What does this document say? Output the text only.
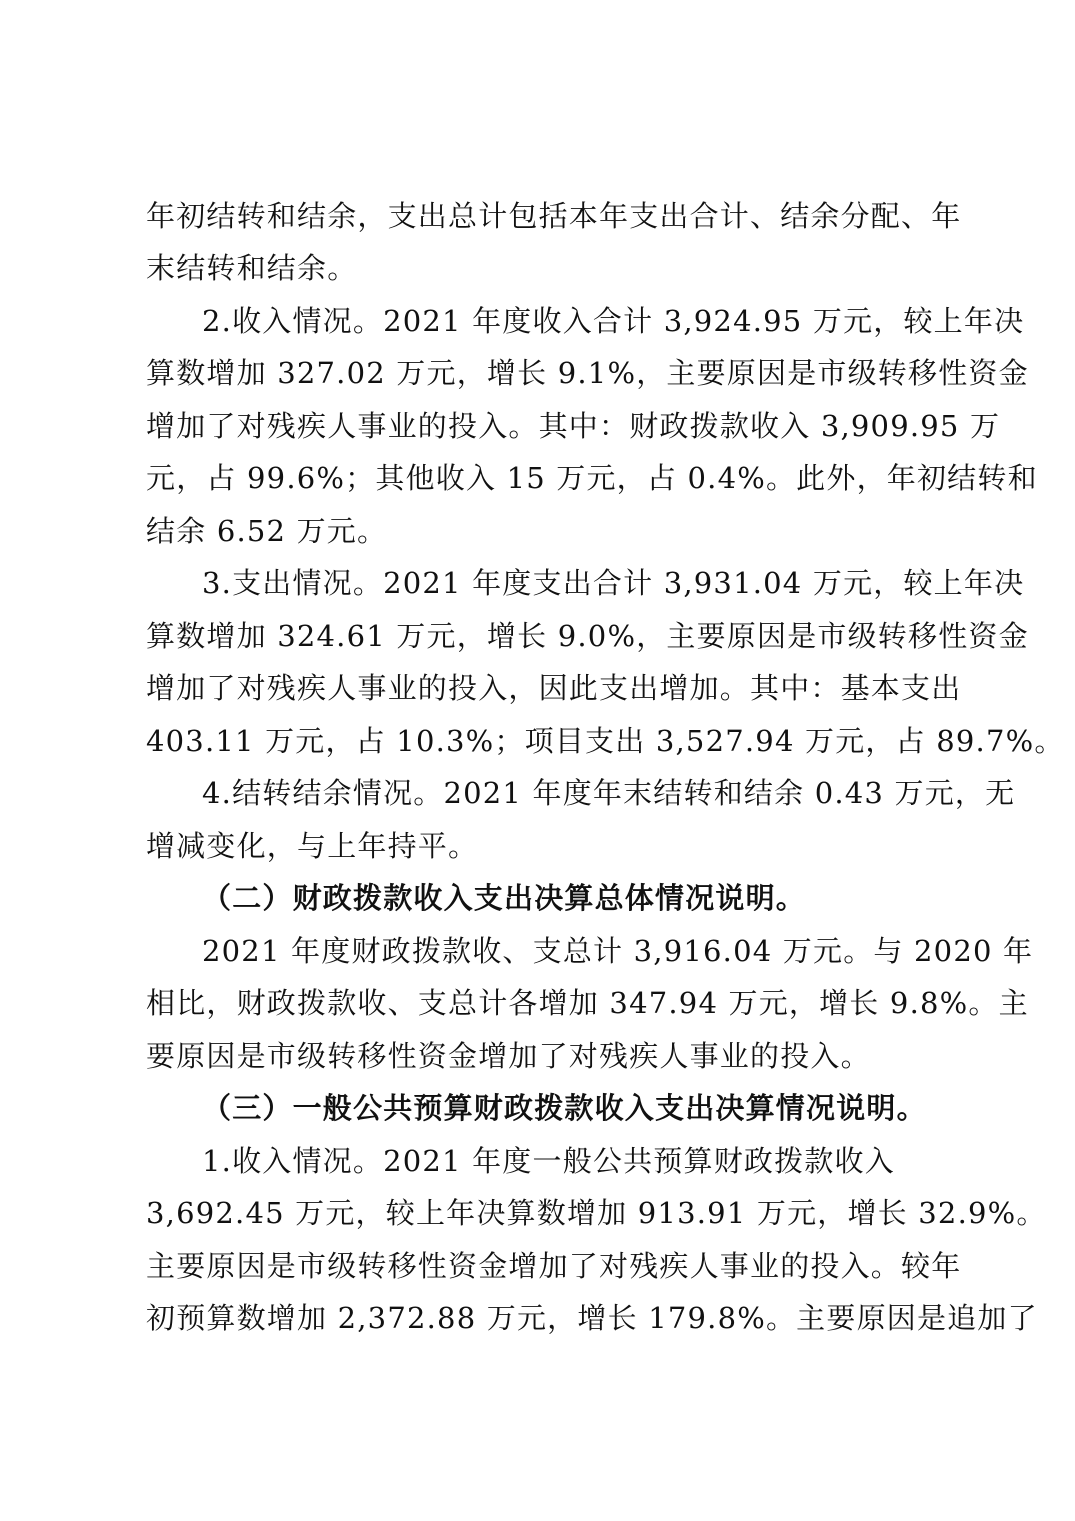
年初结转和结余，支出总计包括本年支出合计、结余分配、年
末结转和结余。
2.收入情况。2021 年度收入合计 3,924.95 万元，较上年决
算数增加 327.02 万元，增长 9.1%，主要原因是市级转移性资金
增加了对残疾人事业的投入。其中：财政拨款收入 3,909.95 万
元，占 99.6%；其他收入 15 万元，占 0.4%。此外，年初结转和
结余 6.52 万元。
3.支出情况。2021 年度支出合计 3,931.04 万元，较上年决
算数增加 324.61 万元，增长 9.0%，主要原因是市级转移性资金
增加了对残疾人事业的投入，因此支出增加。其中：基本支出
403.11 万元，占 10.3%；项目支出 3,527.94 万元，占 89.7%。
4.结转结余情况。2021 年度年末结转和结余 0.43 万元，无
增减变化，与上年持平。
（二）财政拨款收入支出决算总体情况说明。
2021 年度财政拨款收、支总计 3,916.04 万元。与 2020 年
相比，财政拨款收、支总计各增加 347.94 万元，增长 9.8%。主
要原因是市级转移性资金增加了对残疾人事业的投入。
（三）一般公共预算财政拨款收入支出决算情况说明。
1.收入情况。2021 年度一般公共预算财政拨款收入
3,692.45 万元，较上年决算数增加 913.91 万元，增长 32.9%。
主要原因是市级转移性资金增加了对残疾人事业的投入。较年
初预算数增加 2,372.88 万元，增长 179.8%。主要原因是追加了
